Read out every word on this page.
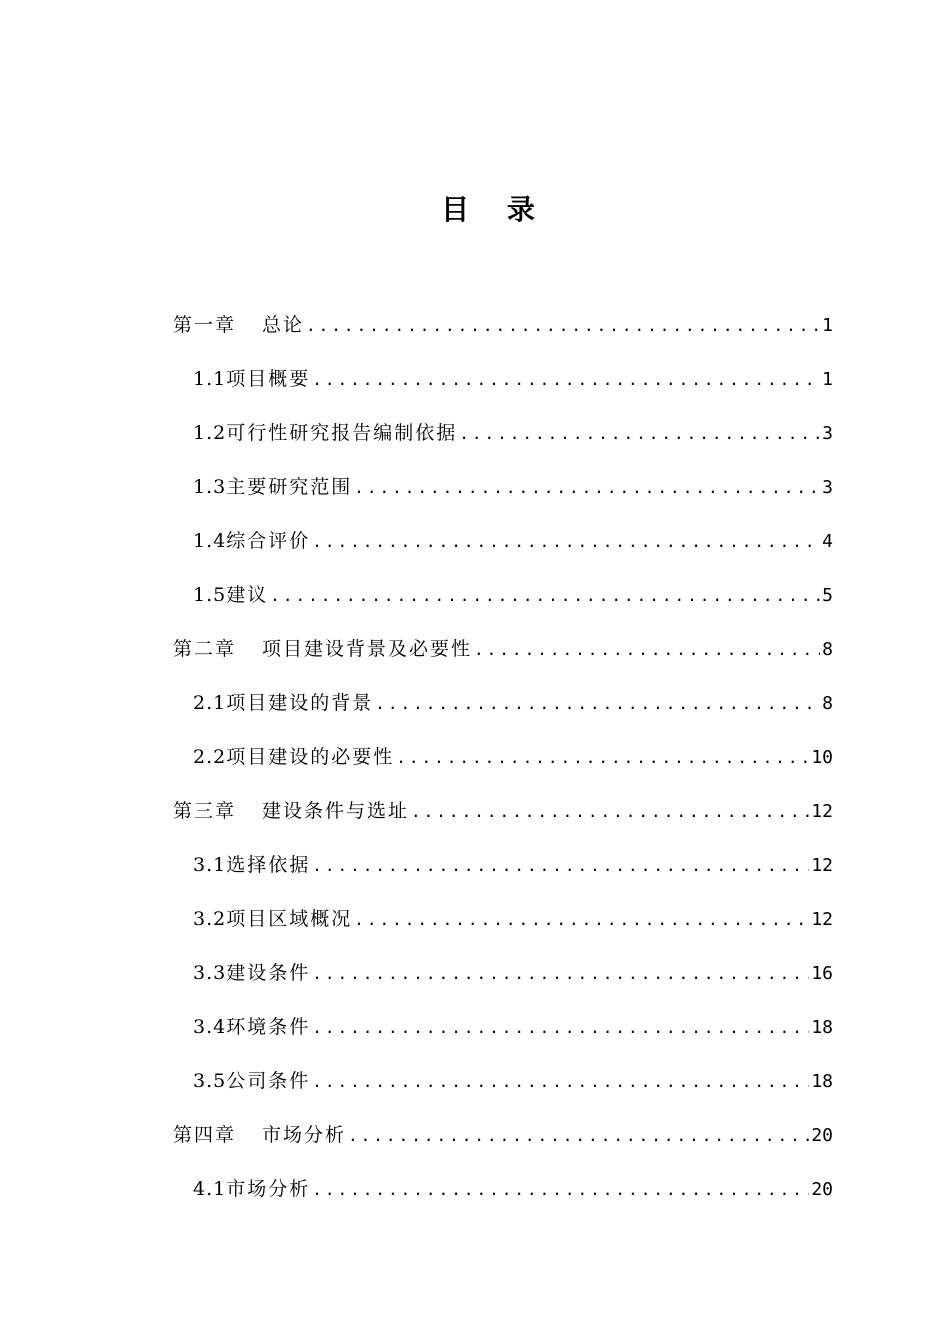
目 录
第一章 总论 .....	1
1.1项目概要 .....	1
1.2可行性研究报告编制依据 .....	3
1.3主要研究范围 .....	3
1.4综合评价 .....	4
1.5建议 .....	5
第二章 项目建设背景及必要性 .....	8
2.1项目建设的背景 .....	8
2.2项目建设的必要性 .....	10
第三章 建设条件与选址 .....	12
3.1选择依据 .....	12
3.2项目区域概况 .....	12
3.3建设条件 .....	16
3.4环境条件 .....	18
3.5公司条件 .....	18
第四章 市场分析 .....	20
4.1市场分析 .....	20
